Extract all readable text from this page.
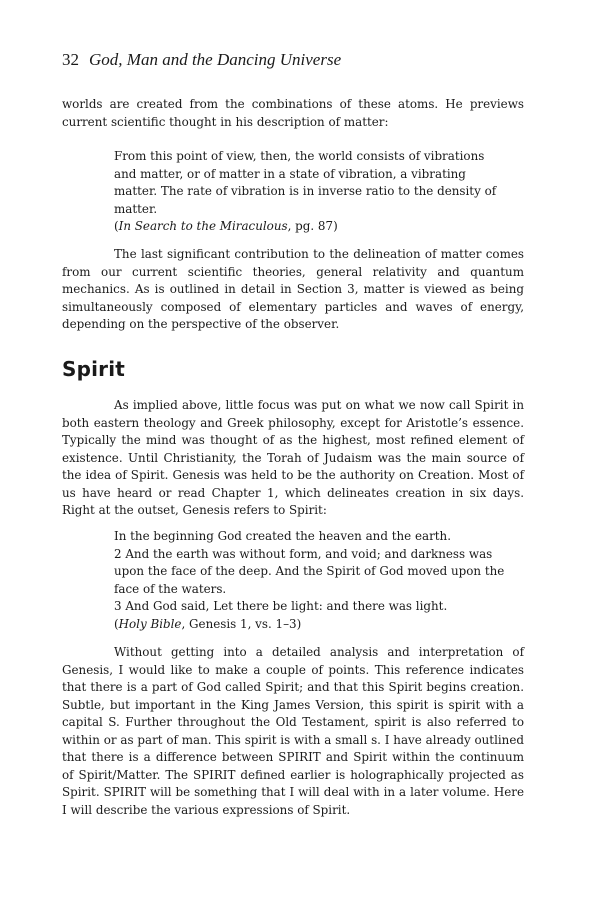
32 God, Man and the Dancing Universe

worlds are created from the combinations of these atoms. He previews current scientific thought in his description of matter:

From this point of view, then, the world consists of vibrations and matter, or of matter in a state of vibration, a vibrating matter. The rate of vibration is in inverse ratio to the density of matter.

(In Search to the Miraculous, pg. 87)

The last significant contribution to the delineation of matter comes from our current scientific theories, general relativity and quantum mechanics. As is outlined in detail in Section 3, matter is viewed as being simultaneously composed of elementary particles and waves of energy, depending on the perspective of the observer.

Spirit

As implied above, little focus was put on what we now call Spirit in both eastern theology and Greek philosophy, except for Aristotle’s essence. Typically the mind was thought of as the highest, most refined element of existence. Until Christianity, the Torah of Judaism was the main source of the idea of Spirit. Genesis was held to be the authority on Creation. Most of us have heard or read Chapter 1, which delineates creation in six days. Right at the outset, Genesis refers to Spirit:

In the beginning God created the heaven and the earth.

2 And the earth was without form, and void; and darkness was upon the face of the deep. And the Spirit of God moved upon the face of the waters.

3 And God said, Let there be light: and there was light.

(Holy Bible, Genesis 1, vs. 1–3)

Without getting into a detailed analysis and interpretation of Genesis, I would like to make a couple of points. This reference indicates that there is a part of God called Spirit; and that this Spirit begins creation. Subtle, but important in the King James Version, this spirit is spirit with a capital S. Further throughout the Old Testament, spirit is also referred to within or as part of man. This spirit is with a small s. I have already outlined that there is a difference between SPIRIT and Spirit within the continuum of Spirit/Matter. The SPIRIT defined earlier is holographically projected as Spirit. SPIRIT will be something that I will deal with in a later volume. Here I will describe the various expressions of Spirit.
